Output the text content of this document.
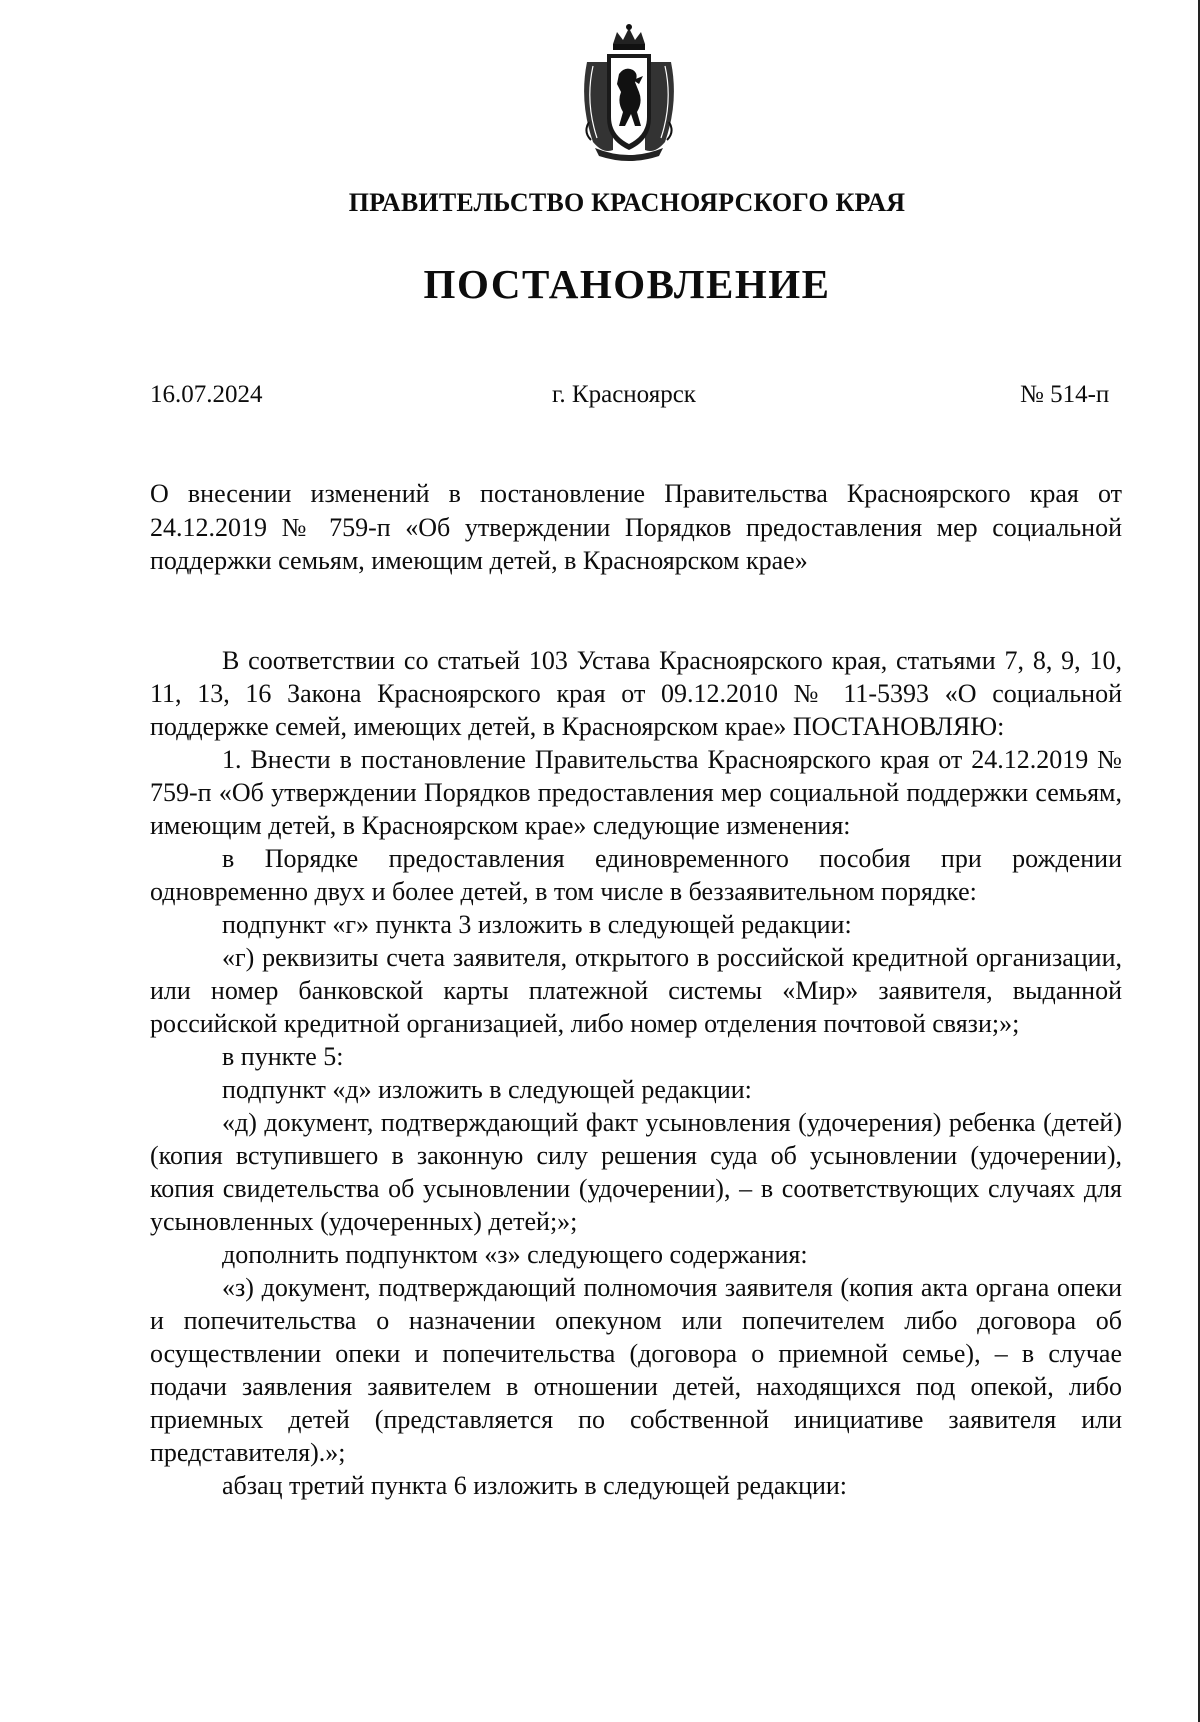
ПРАВИТЕЛЬСТВО КРАСНОЯРСКОГО КРАЯ
ПОСТАНОВЛЕНИЕ
16.07.2024	г. Красноярск	№ 514-п
О внесении изменений в постановление Правительства Красноярского края от 24.12.2019 № 759-п «Об утверждении Порядков предоставления мер социальной поддержки семьям, имеющим детей, в Красноярском крае»

В соответствии со статьей 103 Устава Красноярского края, статьями 7, 8, 9, 10, 11, 13, 16 Закона Красноярского края от 09.12.2010 № 11-5393 «О социальной поддержке семей, имеющих детей, в Красноярском крае» ПОСТАНОВЛЯЮ:

1. Внести в постановление Правительства Красноярского края от 24.12.2019 № 759-п «Об утверждении Порядков предоставления мер социальной поддержки семьям, имеющим детей, в Красноярском крае» следующие изменения:

в Порядке предоставления единовременного пособия при рождении одновременно двух и более детей, в том числе в беззаявительном порядке:

подпункт «г» пункта 3 изложить в следующей редакции:

«г) реквизиты счета заявителя, открытого в российской кредитной организации, или номер банковской карты платежной системы «Мир» заявителя, выданной российской кредитной организацией, либо номер отделения почтовой связи;»;

в пункте 5:

подпункт «д» изложить в следующей редакции:

«д) документ, подтверждающий факт усыновления (удочерения) ребенка (детей) (копия вступившего в законную силу решения суда об усыновлении (удочерении), копия свидетельства об усыновлении (удочерении), – в соответствующих случаях для усыновленных (удочеренных) детей;»;

дополнить подпунктом «з» следующего содержания:

«з) документ, подтверждающий полномочия заявителя (копия акта органа опеки и попечительства о назначении опекуном или попечителем либо договора об осуществлении опеки и попечительства (договора о приемной семье), – в случае подачи заявления заявителем в отношении детей, находящихся под опекой, либо приемных детей (представляется по собственной инициативе заявителя или представителя).»;

абзац третий пункта 6 изложить в следующей редакции:
